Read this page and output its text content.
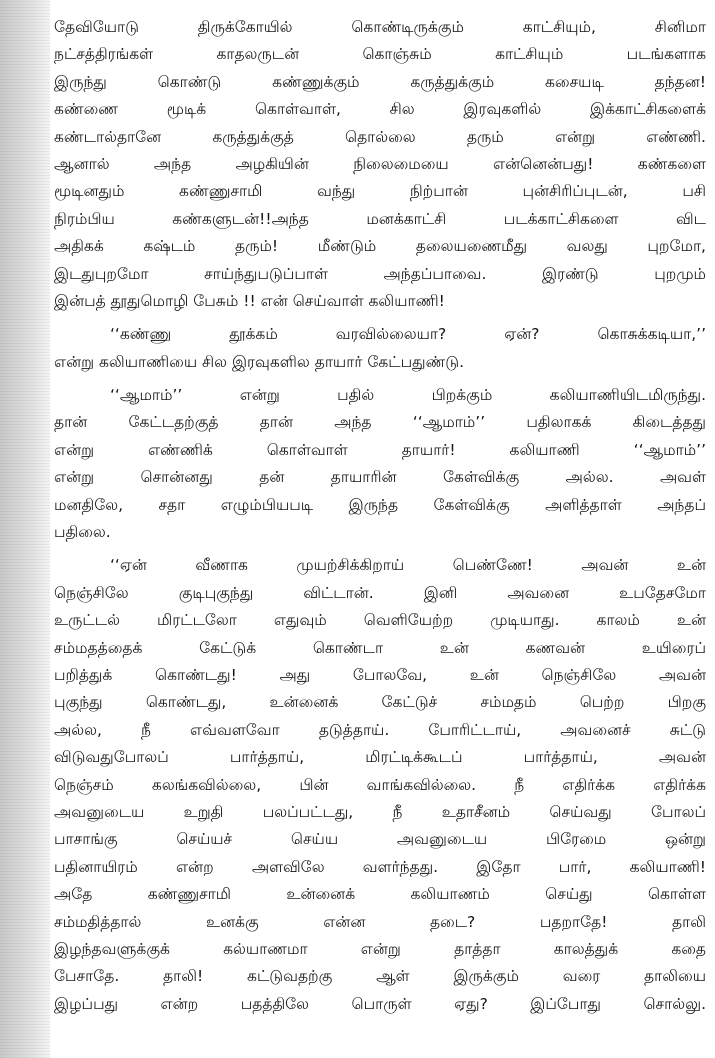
தேவியோடு திருக்கோயில் கொண்டிருக்கும் காட்சியும், சினிமா
நட்சத்திரங்கள் காதலருடன் கொஞ்சும் காட்சியும் படங்களாக
இருந்து கொண்டு கண்ணுக்கும் கருத்துக்கும் கசையடி தந்தன!
கண்ணை மூடிக் கொள்வாள், சில இரவுகளில் இக்காட்சிகளைக்
கண்டால்தானே கருத்துக்குத் தொல்லை தரும் என்று எண்ணி.
ஆனால் அந்த அழகியின் நிலைமையை என்னென்பது! கண்களை
மூடினதும் கண்ணுசாமி வந்து நிற்பான் புன்சிரிப்புடன், பசி
நிரம்பிய கண்களுடன்!!அந்த மனக்காட்சி படக்காட்சிகளை விட
அதிகக் கஷ்டம் தரும்! மீண்டும் தலையணைமீது வலது புறமோ,
இடதுபுறமோ சாய்ந்துபடுப்பாள் அந்தப்பாவை. இரண்டு புறமும்
இன்பத் தூதுமொழி பேசும் !! என் செய்வாள் கலியாணி!
‘‘கண்ணு தூக்கம் வரவில்லையா? ஏன்? கொசுக்கடியா,’’
என்று கலியாணியை சில இரவுகளில தாயார் கேட்பதுண்டு.
‘‘ஆமாம்’’ என்று பதில் பிறக்கும் கலியாணியிடமிருந்து.
தான் கேட்டதற்குத் தான் அந்த ‘‘ஆமாம்’’ பதிலாகக் கிடைத்தது
என்று எண்ணிக் கொள்வாள் தாயார்! கலியாணி ‘‘ஆமாம்’’
என்று சொன்னது தன் தாயாரின் கேள்விக்கு அல்ல. அவள்
மனதிலே, சதா எழும்பியபடி இருந்த கேள்விக்கு அளித்தாள் அந்தப்
பதிலை.
‘‘ஏன் வீணாக முயற்சிக்கிறாய் பெண்ணே! அவன் உன்
நெஞ்சிலே குடிபுகுந்து விட்டான். இனி அவனை உபதேசமோ
உருட்டல் மிரட்டலோ எதுவும் வெளியேற்ற முடியாது. காலம் உன்
சம்மதத்தைக் கேட்டுக் கொண்டா உன் கணவன் உயிரைப்
பறித்துக் கொண்டது! அது போலவே, உன் நெஞ்சிலே அவன்
புகுந்து கொண்டது, உன்னைக் கேட்டுச் சம்மதம் பெற்ற பிறகு
அல்ல, நீ எவ்வளவோ தடுத்தாய். போரிட்டாய், அவனைச் சுட்டு
விடுவதுபோலப் பார்த்தாய், மிரட்டிக்கூடப் பார்த்தாய், அவன்
நெஞ்சம் கலங்கவில்லை, பின் வாங்கவில்லை. நீ எதிர்க்க எதிர்க்க
அவனுடைய உறுதி பலப்பட்டது, நீ உதாசீனம் செய்வது போலப்
பாசாங்கு செய்யச் செய்ய அவனுடைய பிரேமை ஒன்று
பதினாயிரம் என்ற அளவிலே வளர்ந்தது. இதோ பார், கலியாணி!
அதே கண்ணுசாமி உன்னைக் கலியாணம் செய்து கொள்ள
சம்மதித்தால் உனக்கு என்ன தடை? பதறாதே! தாலி
இழந்தவளுக்குக் கல்யாணமா என்று தாத்தா காலத்துக் கதை
பேசாதே. தாலி! கட்டுவதற்கு ஆள் இருக்கும் வரை தாலியை
இழப்பது என்ற பதத்திலே பொருள் ஏது? இப்போது சொல்லு.
